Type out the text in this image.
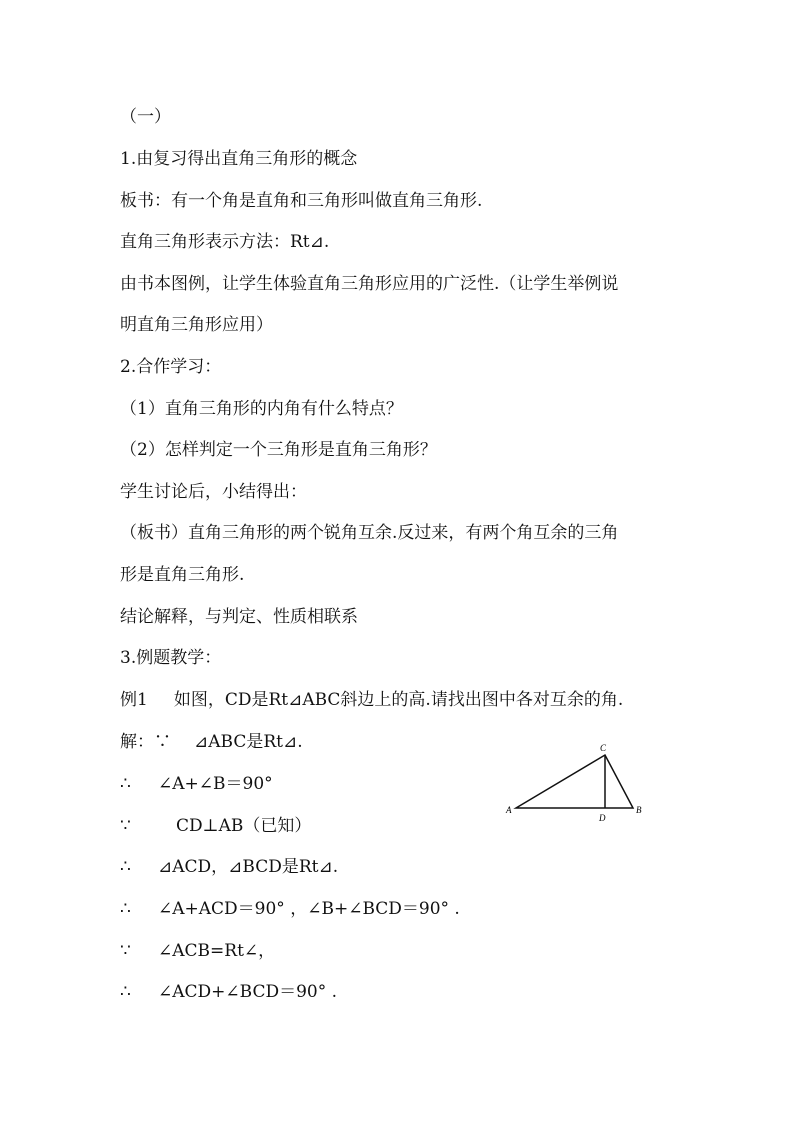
（一）
1.由复习得出直角三角形的概念
板书：有一个角是直角和三角形叫做直角三角形.
直角三角形表示方法：Rt⊿.
由书本图例，让学生体验直角三角形应用的广泛性.（让学生举例说
明直角三角形应用）
2.合作学习：
（1）直角三角形的内角有什么特点？
（2）怎样判定一个三角形是直角三角形？
学生讨论后，小结得出：
（板书）直角三角形的两个锐角互余.反过来，有两个角互余的三角
形是直角三角形.
结论解释，与判定、性质相联系
3.例题教学：
例1 如图，CD是Rt⊿ABC斜边上的高.请找出图中各对互余的角.
解：∵ ⊿ABC是Rt⊿.
∴ ∠A+∠B＝90°
∵	CD⊥AB（已知）
∴ ⊿ACD，⊿BCD是Rt⊿.
∴ ∠A+ACD＝90° ，∠B+∠BCD＝90° .
∵ ∠ACB=Rt∠，
∴ ∠ACD+∠BCD＝90° .
A	B
C
D
